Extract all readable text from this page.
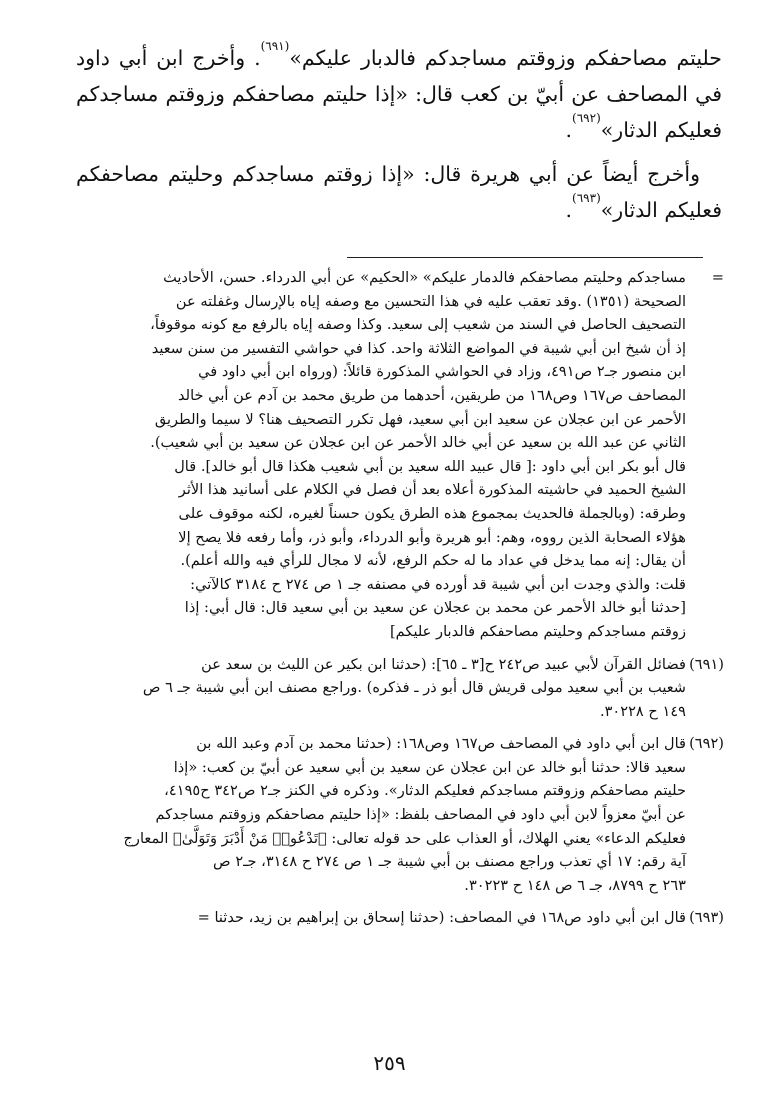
حليتم مصاحفكم وزوقتم مساجدكم فالدبار عليكم»$^{(٦٩١)}$. وأخرج ابن أبي داود في المصاحف عن أبيّ بن كعب قال: «إذا حليتم مصاحفكم وزوقتم مساجدكم فعليكم الدثار»$^{(٦٩٢)}$.

وأخرج أيضاً عن أبي هريرة قال: «إذا زوقتم مساجدكم وحليتم مصاحفكم فعليكم الدثار»$^{(٦٩٣)}$.

=
مساجدكم وحليتم مصاحفكم فالدمار عليكم» «الحكيم» عن أبي الدرداء. حسن، الأحاديث
الصحيحة (١٣٥١) .وقد تعقب عليه في هذا التحسين مع وصفه إياه بالإرسال وغفلته عن
التصحيف الحاصل في السند من شعيب إلى سعيد. وكذا وصفه إياه بالرفع مع كونه موقوفاً،
إذ أن شيخ ابن أبي شيبة في المواضع الثلاثة واحد. كذا في حواشي التفسير من سنن سعيد
ابن منصور جـ٢ ص٤٩١، وزاد في الحواشي المذكورة قائلاً: (ورواه ابن أبي داود في
المصاحف ص١٦٧ وص١٦٨ من طريقين، أحدهما من طريق محمد بن آدم عن أبي خالد
الأحمر عن ابن عجلان عن سعيد ابن أبي سعيد، فهل تكرر التصحيف هنا؟ لا سيما والطريق
الثاني عن عبد الله بن سعيد عن أبي خالد الأحمر عن ابن عجلان عن سعيد بن أبي شعيب).
قال أبو بكر ابن أبي داود :[ قال عبيد الله سعيد بن أبي شعيب هكذا قال أبو خالد]. قال
الشيخ الحميد في حاشيته المذكورة أعلاه بعد أن فصل في الكلام على أسانيد هذا الأثر
وطرقه: (وبالجملة فالحديث بمجموع هذه الطرق يكون حسناً لغيره، لكنه موقوف على
هؤلاء الصحابة الذين رووه، وهم: أبو هريرة وأبو الدرداء، وأبو ذر، وأما رفعه فلا يصح إلا
أن يقال: إنه مما يدخل في عداد ما له حكم الرفع، لأنه لا مجال للرأي فيه والله أعلم).
قلت: والذي وجدت ابن أبي شيبة قد أورده في مصنفه جـ ١ ص ٢٧٤ ح ٣١٨٤ كالآتي:
[حدثنا أبو خالد الأحمر عن محمد بن عجلان عن سعيد بن أبي سعيد قال: قال أبي: إذا
زوقتم مساجدكم وحليتم مصاحفكم فالدبار عليكم]
(٦٩١)
فضائل القرآن لأبي عبيد ص٢٤٢ ح[٣ ـ ٦٥]: (حدثنا ابن بكير عن الليث بن سعد عن
شعيب بن أبي سعيد مولى قريش قال أبو ذر ـ فذكره) .وراجع مصنف ابن أبي شيبة جـ ٦ ص
١٤٩ ح ٣٠٢٢٨.
(٦٩٢)
قال ابن أبي داود في المصاحف ص١٦٧ وص١٦٨: (حدثنا محمد بن آدم وعبد الله بن
سعيد قالا: حدثنا أبو خالد عن ابن عجلان عن سعيد بن أبي سعيد عن أبيّ بن كعب: «إذا
حليتم مصاحفكم وزوقتم مساجدكم فعليكم الدثار». وذكره في الكنز جـ٢ ص٣٤٢ ح٤١٩٥،
عن أبيّ معزواً لابن أبي داود في المصاحف بلفظ: «إذا حليتم مصاحفكم وزوقتم مساجدكم
فعليكم الدعاء» يعني الهلاك، أو العذاب على حد قوله تعالى: ﴿تَدْعُوا۟ مَنْ أَدْبَرَ وَتَوَلَّىٰ﴾ المعارج
آية رقم: ١٧ أي تعذب وراجع مصنف بن أبي شيبة جـ ١ ص ٢٧٤ ح ٣١٤٨، جـ٢ ص
٢٦٣ ح ٨٧٩٩، جـ ٦ ص ١٤٨ ح ٣٠٢٢٣.
(٦٩٣)
قال ابن أبي داود ص١٦٨ في المصاحف: (حدثنا إسحاق بن إبراهيم بن زيد، حدثنا =
٢٥٩
